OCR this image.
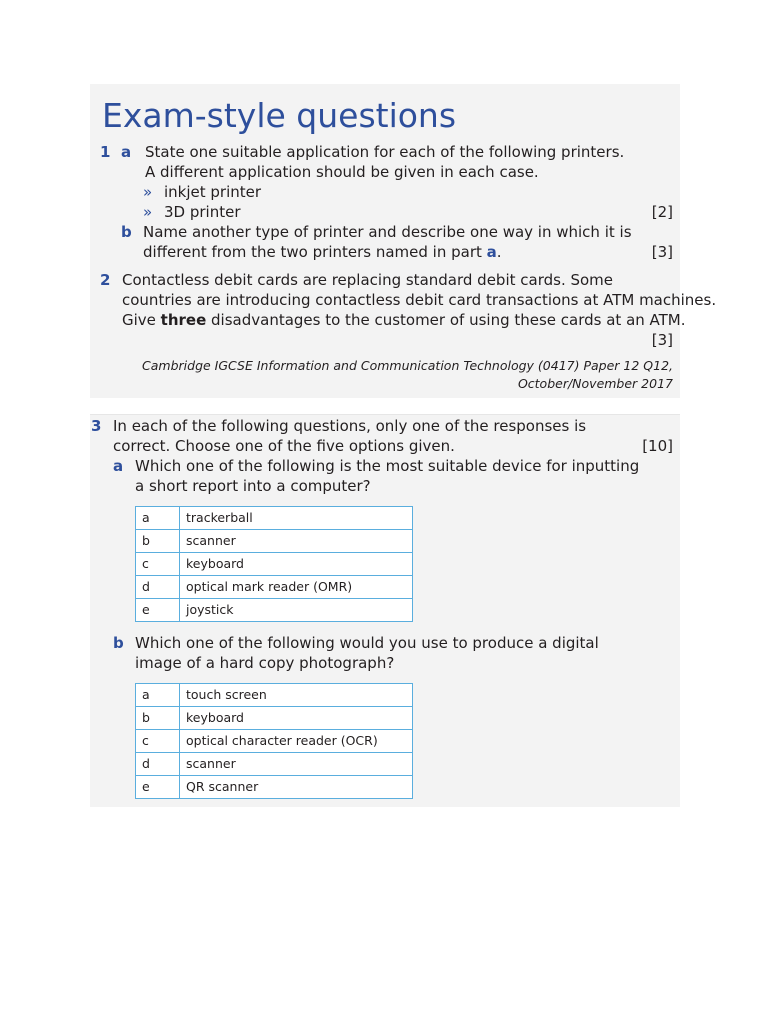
Exam-style questions
1 a State one suitable application for each of the following printers.
A different application should be given in each case.
» inkjet printer
» 3D printer	[2]
b Name another type of printer and describe one way in which it is
different from the two printers named in part a.	[3]
2 Contactless debit cards are replacing standard debit cards. Some
countries are introducing contactless debit card transactions at ATM machines.
Give three disadvantages to the customer of using these cards at an ATM.
[3]
Cambridge IGCSE Information and Communication Technology (0417) Paper 12 Q12,
October/November 2017
3 In each of the following questions, only one of the responses is
correct. Choose one of the five options given.	[10]
a Which one of the following is the most suitable device for inputting
a short report into a computer?
a	trackerball
b	scanner
c	keyboard
d	optical mark reader (OMR)
e	joystick
b Which one of the following would you use to produce a digital
image of a hard copy photograph?
a	touch screen
b	keyboard
c	optical character reader (OCR)
d	scanner
e	QR scanner
